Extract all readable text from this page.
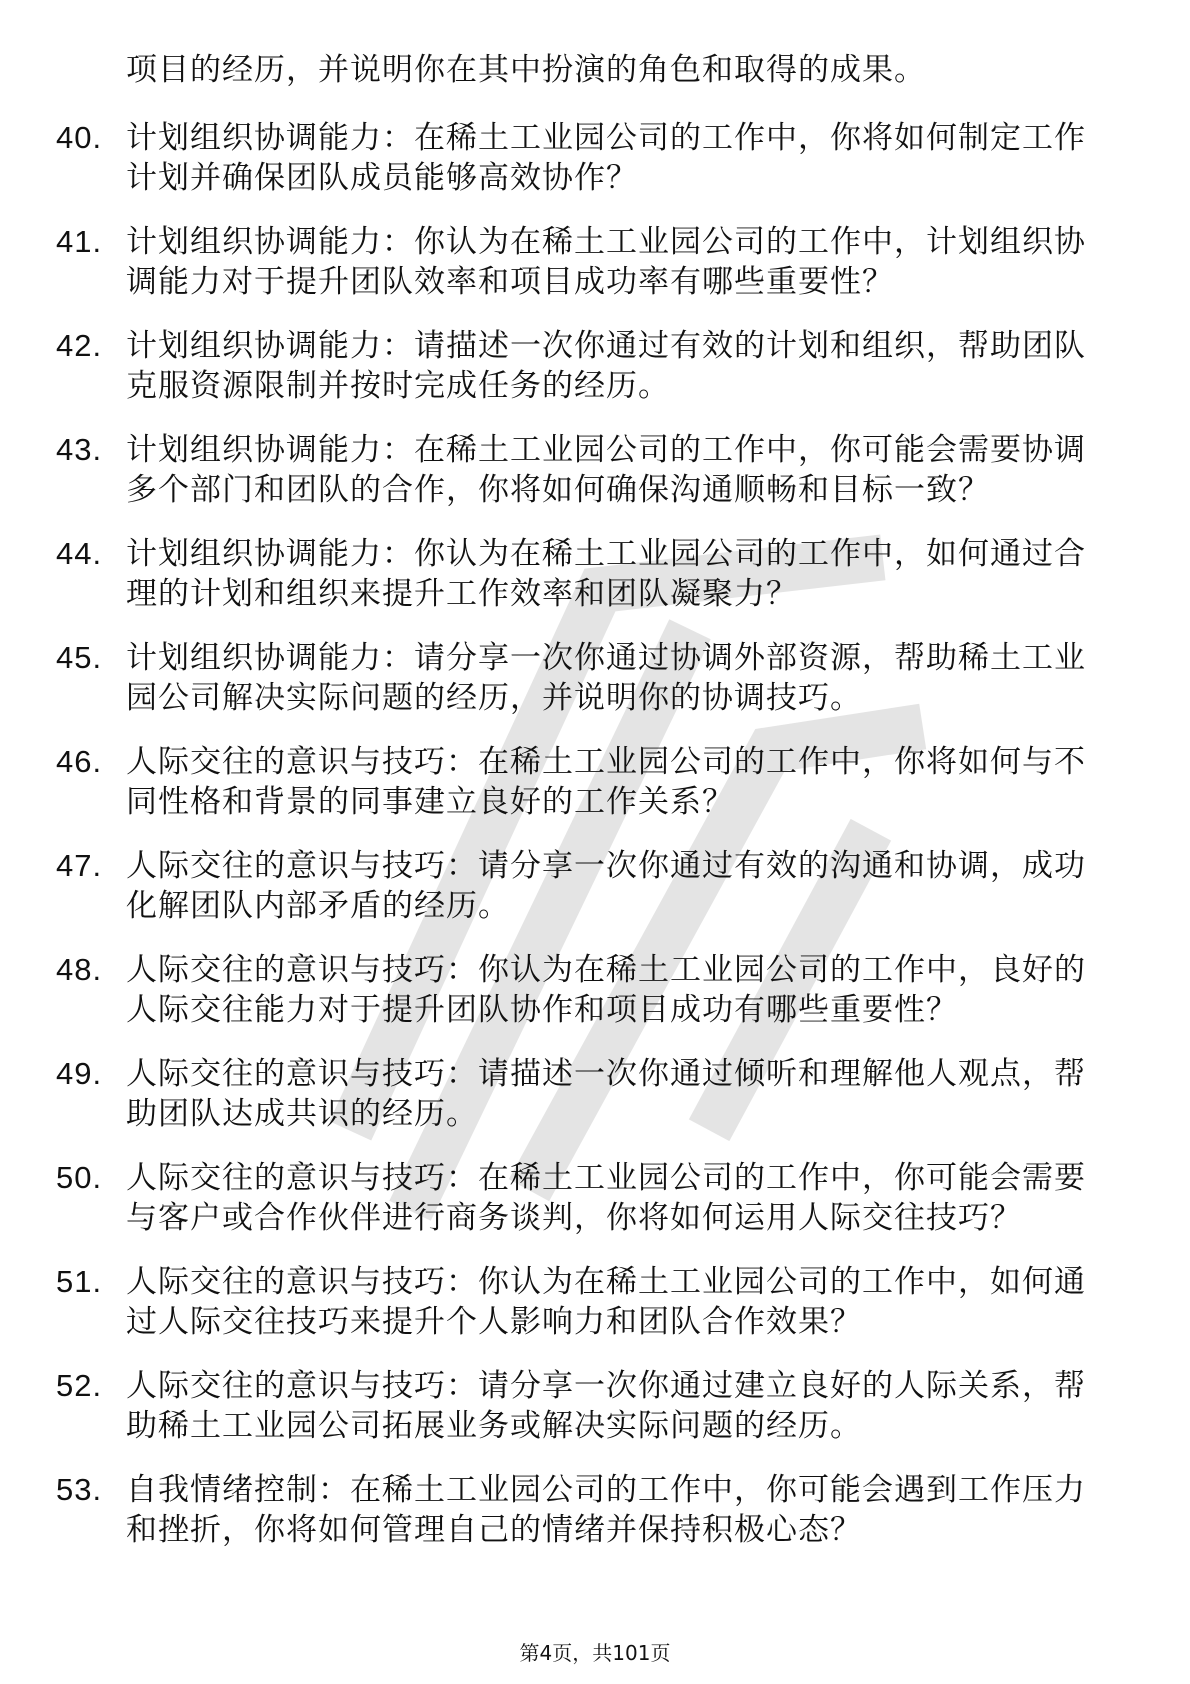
项目的经历，并说明你在其中扮演的角色和取得的成果。
40. 计划组织协调能力：在稀土工业园公司的工作中，你将如何制定工作计划并确保团队成员能够高效协作？
41. 计划组织协调能力：你认为在稀土工业园公司的工作中，计划组织协调能力对于提升团队效率和项目成功率有哪些重要性？
42. 计划组织协调能力：请描述一次你通过有效的计划和组织，帮助团队克服资源限制并按时完成任务的经历。
43. 计划组织协调能力：在稀土工业园公司的工作中，你可能会需要协调多个部门和团队的合作，你将如何确保沟通顺畅和目标一致？
44. 计划组织协调能力：你认为在稀土工业园公司的工作中，如何通过合理的计划和组织来提升工作效率和团队凝聚力？
45. 计划组织协调能力：请分享一次你通过协调外部资源，帮助稀土工业园公司解决实际问题的经历，并说明你的协调技巧。
46. 人际交往的意识与技巧：在稀土工业园公司的工作中，你将如何与不同性格和背景的同事建立良好的工作关系？
47. 人际交往的意识与技巧：请分享一次你通过有效的沟通和协调，成功化解团队内部矛盾的经历。
48. 人际交往的意识与技巧：你认为在稀土工业园公司的工作中，良好的人际交往能力对于提升团队协作和项目成功有哪些重要性？
49. 人际交往的意识与技巧：请描述一次你通过倾听和理解他人观点，帮助团队达成共识的经历。
50. 人际交往的意识与技巧：在稀土工业园公司的工作中，你可能会需要与客户或合作伙伴进行商务谈判，你将如何运用人际交往技巧？
51. 人际交往的意识与技巧：你认为在稀土工业园公司的工作中，如何通过人际交往技巧来提升个人影响力和团队合作效果？
52. 人际交往的意识与技巧：请分享一次你通过建立良好的人际关系，帮助稀土工业园公司拓展业务或解决实际问题的经历。
53. 自我情绪控制：在稀土工业园公司的工作中，你可能会遇到工作压力和挫折，你将如何管理自己的情绪并保持积极心态？
第4页，共101页
